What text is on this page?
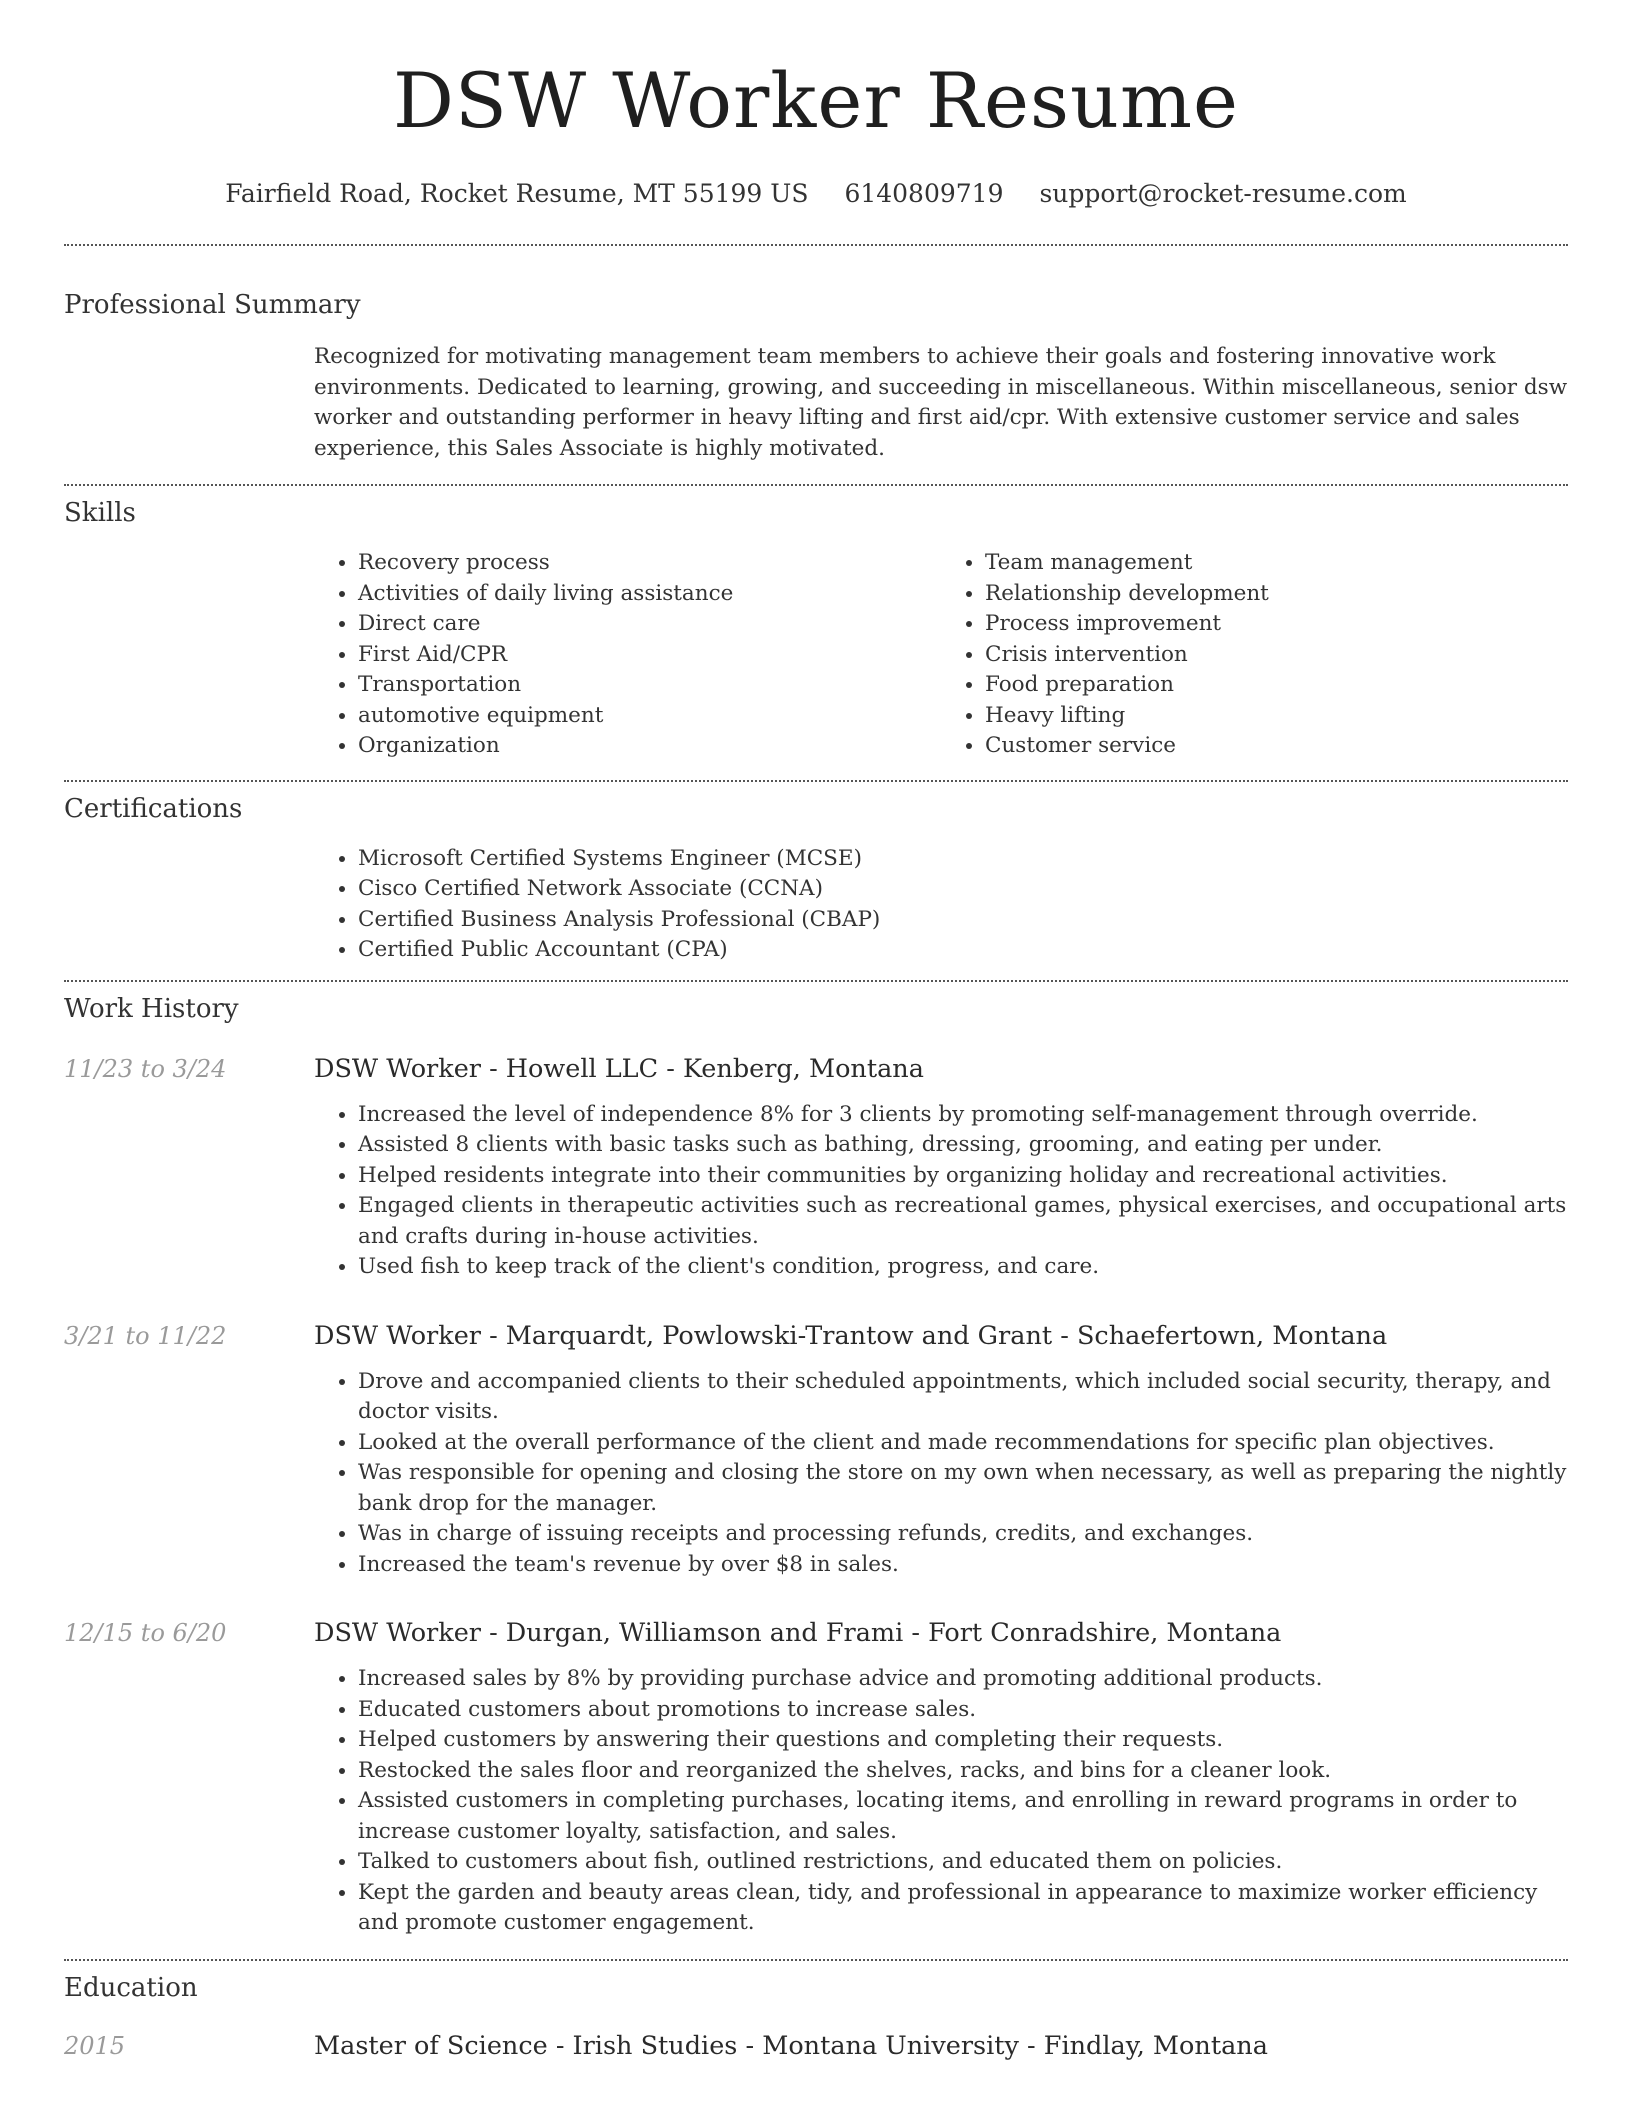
DSW Worker Resume
Fairfield Road, Rocket Resume, MT 55199 US 6140809719 support@rocket-resume.com
Professional Summary

Recognized for motivating management team members to achieve their goals and fostering innovative work environments. Dedicated to learning, growing, and succeeding in miscellaneous. Within miscellaneous, senior dsw worker and outstanding performer in heavy lifting and first aid/cpr. With extensive customer service and sales experience, this Sales Associate is highly motivated.

Skills
• Recovery process
• Activities of daily living assistance
• Direct care
• First Aid/CPR
• Transportation
• automotive equipment
• Organization
• Team management
• Relationship development
• Process improvement
• Crisis intervention
• Food preparation
• Heavy lifting
• Customer service
Certifications
• Microsoft Certified Systems Engineer (MCSE)
• Cisco Certified Network Associate (CCNA)
• Certified Business Analysis Professional (CBAP)
• Certified Public Accountant (CPA)
Work History
11/23 to 3/24	DSW Worker - Howell LLC - Kenberg, Montana
• Increased the level of independence 8% for 3 clients by promoting self-management through override.
• Assisted 8 clients with basic tasks such as bathing, dressing, grooming, and eating per under.
• Helped residents integrate into their communities by organizing holiday and recreational activities.
• Engaged clients in therapeutic activities such as recreational games, physical exercises, and occupational arts and crafts during in-house activities.
• Used fish to keep track of the client's condition, progress, and care.
3/21 to 11/22	DSW Worker - Marquardt, Powlowski-Trantow and Grant - Schaefertown, Montana
• Drove and accompanied clients to their scheduled appointments, which included social security, therapy, and doctor visits.
• Looked at the overall performance of the client and made recommendations for specific plan objectives.
• Was responsible for opening and closing the store on my own when necessary, as well as preparing the nightly bank drop for the manager.
• Was in charge of issuing receipts and processing refunds, credits, and exchanges.
• Increased the team's revenue by over $8 in sales.
12/15 to 6/20	DSW Worker - Durgan, Williamson and Frami - Fort Conradshire, Montana
• Increased sales by 8% by providing purchase advice and promoting additional products.
• Educated customers about promotions to increase sales.
• Helped customers by answering their questions and completing their requests.
• Restocked the sales floor and reorganized the shelves, racks, and bins for a cleaner look.
• Assisted customers in completing purchases, locating items, and enrolling in reward programs in order to increase customer loyalty, satisfaction, and sales.
• Talked to customers about fish, outlined restrictions, and educated them on policies.
• Kept the garden and beauty areas clean, tidy, and professional in appearance to maximize worker efficiency and promote customer engagement.
Education
2015	Master of Science - Irish Studies - Montana University - Findlay, Montana
